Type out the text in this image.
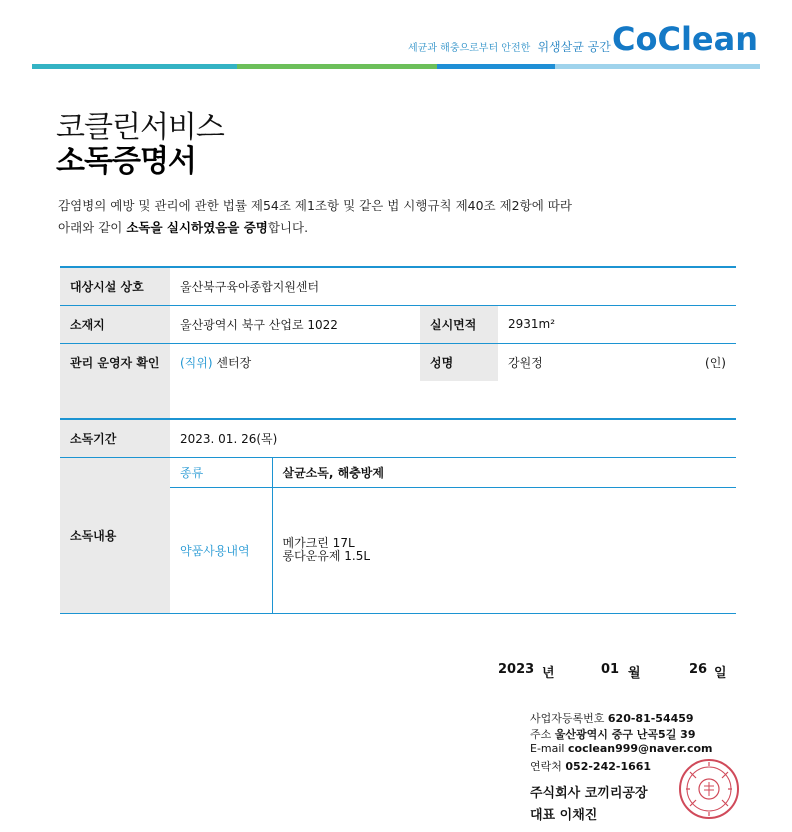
세균과 해충으로부터 안전한 위생살균 공간 CoClean
코클린서비스
소독증명서
감염병의 예방 및 관리에 관한 법률 제54조 제1조항 및 같은 법 시행규칙 제40조 제2항에 따라
아래와 같이 소독을 실시하였음을 증명합니다.
대상시설 상호	울산북구육아종합지원센터		
소재지	울산광역시 북구 산업로 1022	실시면적	2931m²
관리 운영자 확인	(직위) 센터장	성명	강원정 (인)

소독기간	2023. 01. 26(목)	
소독내용	종류	살균소독, 해충방제
	약품사용내역	메가크린 17L
롱다운유제 1.5L
2023 년	01 월	26 일
사업자등록번호 620-81-54459
주소 울산광역시 중구 난곡5길 39
E-mail coclean999@naver.com
연락처 052-242-1661
주식회사 코끼리공장
대표 이채진
